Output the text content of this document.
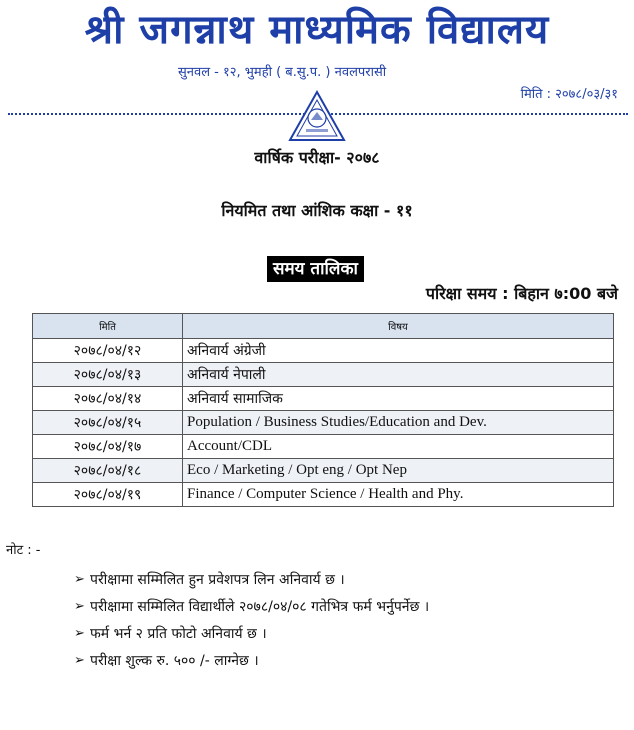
श्री जगन्नाथ माध्यमिक विद्यालय
सुनवल - १२, भुमही ( ब.सु.प. ) नवलपरासी
मिति : २०७८/०३/३१
वार्षिक परीक्षा- २०७८
नियमित तथा आंशिक कक्षा - ११
समय तालिका
परिक्षा समय : बिहान ७:00 बजे
मिति	विषय
२०७८/०४/१२	अनिवार्य अंग्रेजी
२०७८/०४/१३	अनिवार्य नेपाली
२०७८/०४/१४	अनिवार्य सामाजिक
२०७८/०४/१५	Population / Business Studies/Education and Dev.
२०७८/०४/१७	Account/CDL
२०७८/०४/१८	Eco / Marketing / Opt eng / Opt Nep
२०७८/०४/१९	Finance / Computer Science / Health and Phy.
नोट : -
➢ परीक्षामा सम्मिलित हुन प्रवेशपत्र लिन अनिवार्य छ ।
➢ परीक्षामा सम्मिलित विद्यार्थीले २०७८/०४/०८ गतेभित्र फर्म भर्नुपर्नेछ ।
➢ फर्म भर्न २ प्रति फोटो अनिवार्य छ ।
➢ परीक्षा शुल्क रु. ५०० /- लाग्नेछ ।
